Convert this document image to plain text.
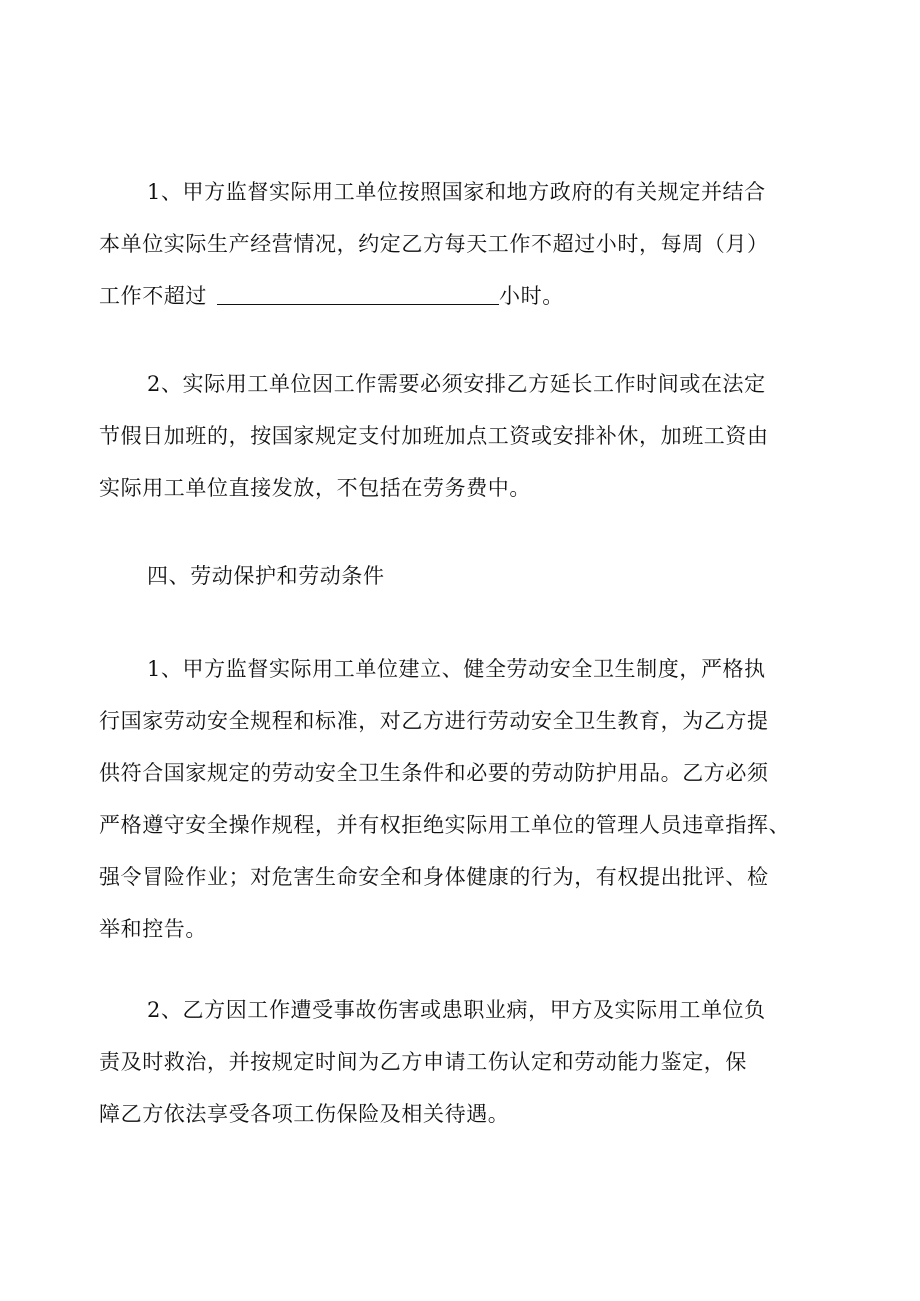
1、甲方监督实际用工单位按照国家和地方政府的有关规定并结合
本单位实际生产经营情况，约定乙方每天工作不超过小时，每周（月）
工作不超过	小时。
2、实际用工单位因工作需要必须安排乙方延长工作时间或在法定
节假日加班的，按国家规定支付加班加点工资或安排补休，加班工资由
实际用工单位直接发放，不包括在劳务费中。
四、劳动保护和劳动条件
1、甲方监督实际用工单位建立、健全劳动安全卫生制度，严格执
行国家劳动安全规程和标准，对乙方进行劳动安全卫生教育，为乙方提
供符合国家规定的劳动安全卫生条件和必要的劳动防护用品。乙方必须
严格遵守安全操作规程，并有权拒绝实际用工单位的管理人员违章指挥、
强令冒险作业；对危害生命安全和身体健康的行为，有权提出批评、检
举和控告。
2、乙方因工作遭受事故伤害或患职业病，甲方及实际用工单位负
责及时救治，并按规定时间为乙方申请工伤认定和劳动能力鉴定，保
障乙方依法享受各项工伤保险及相关待遇。
